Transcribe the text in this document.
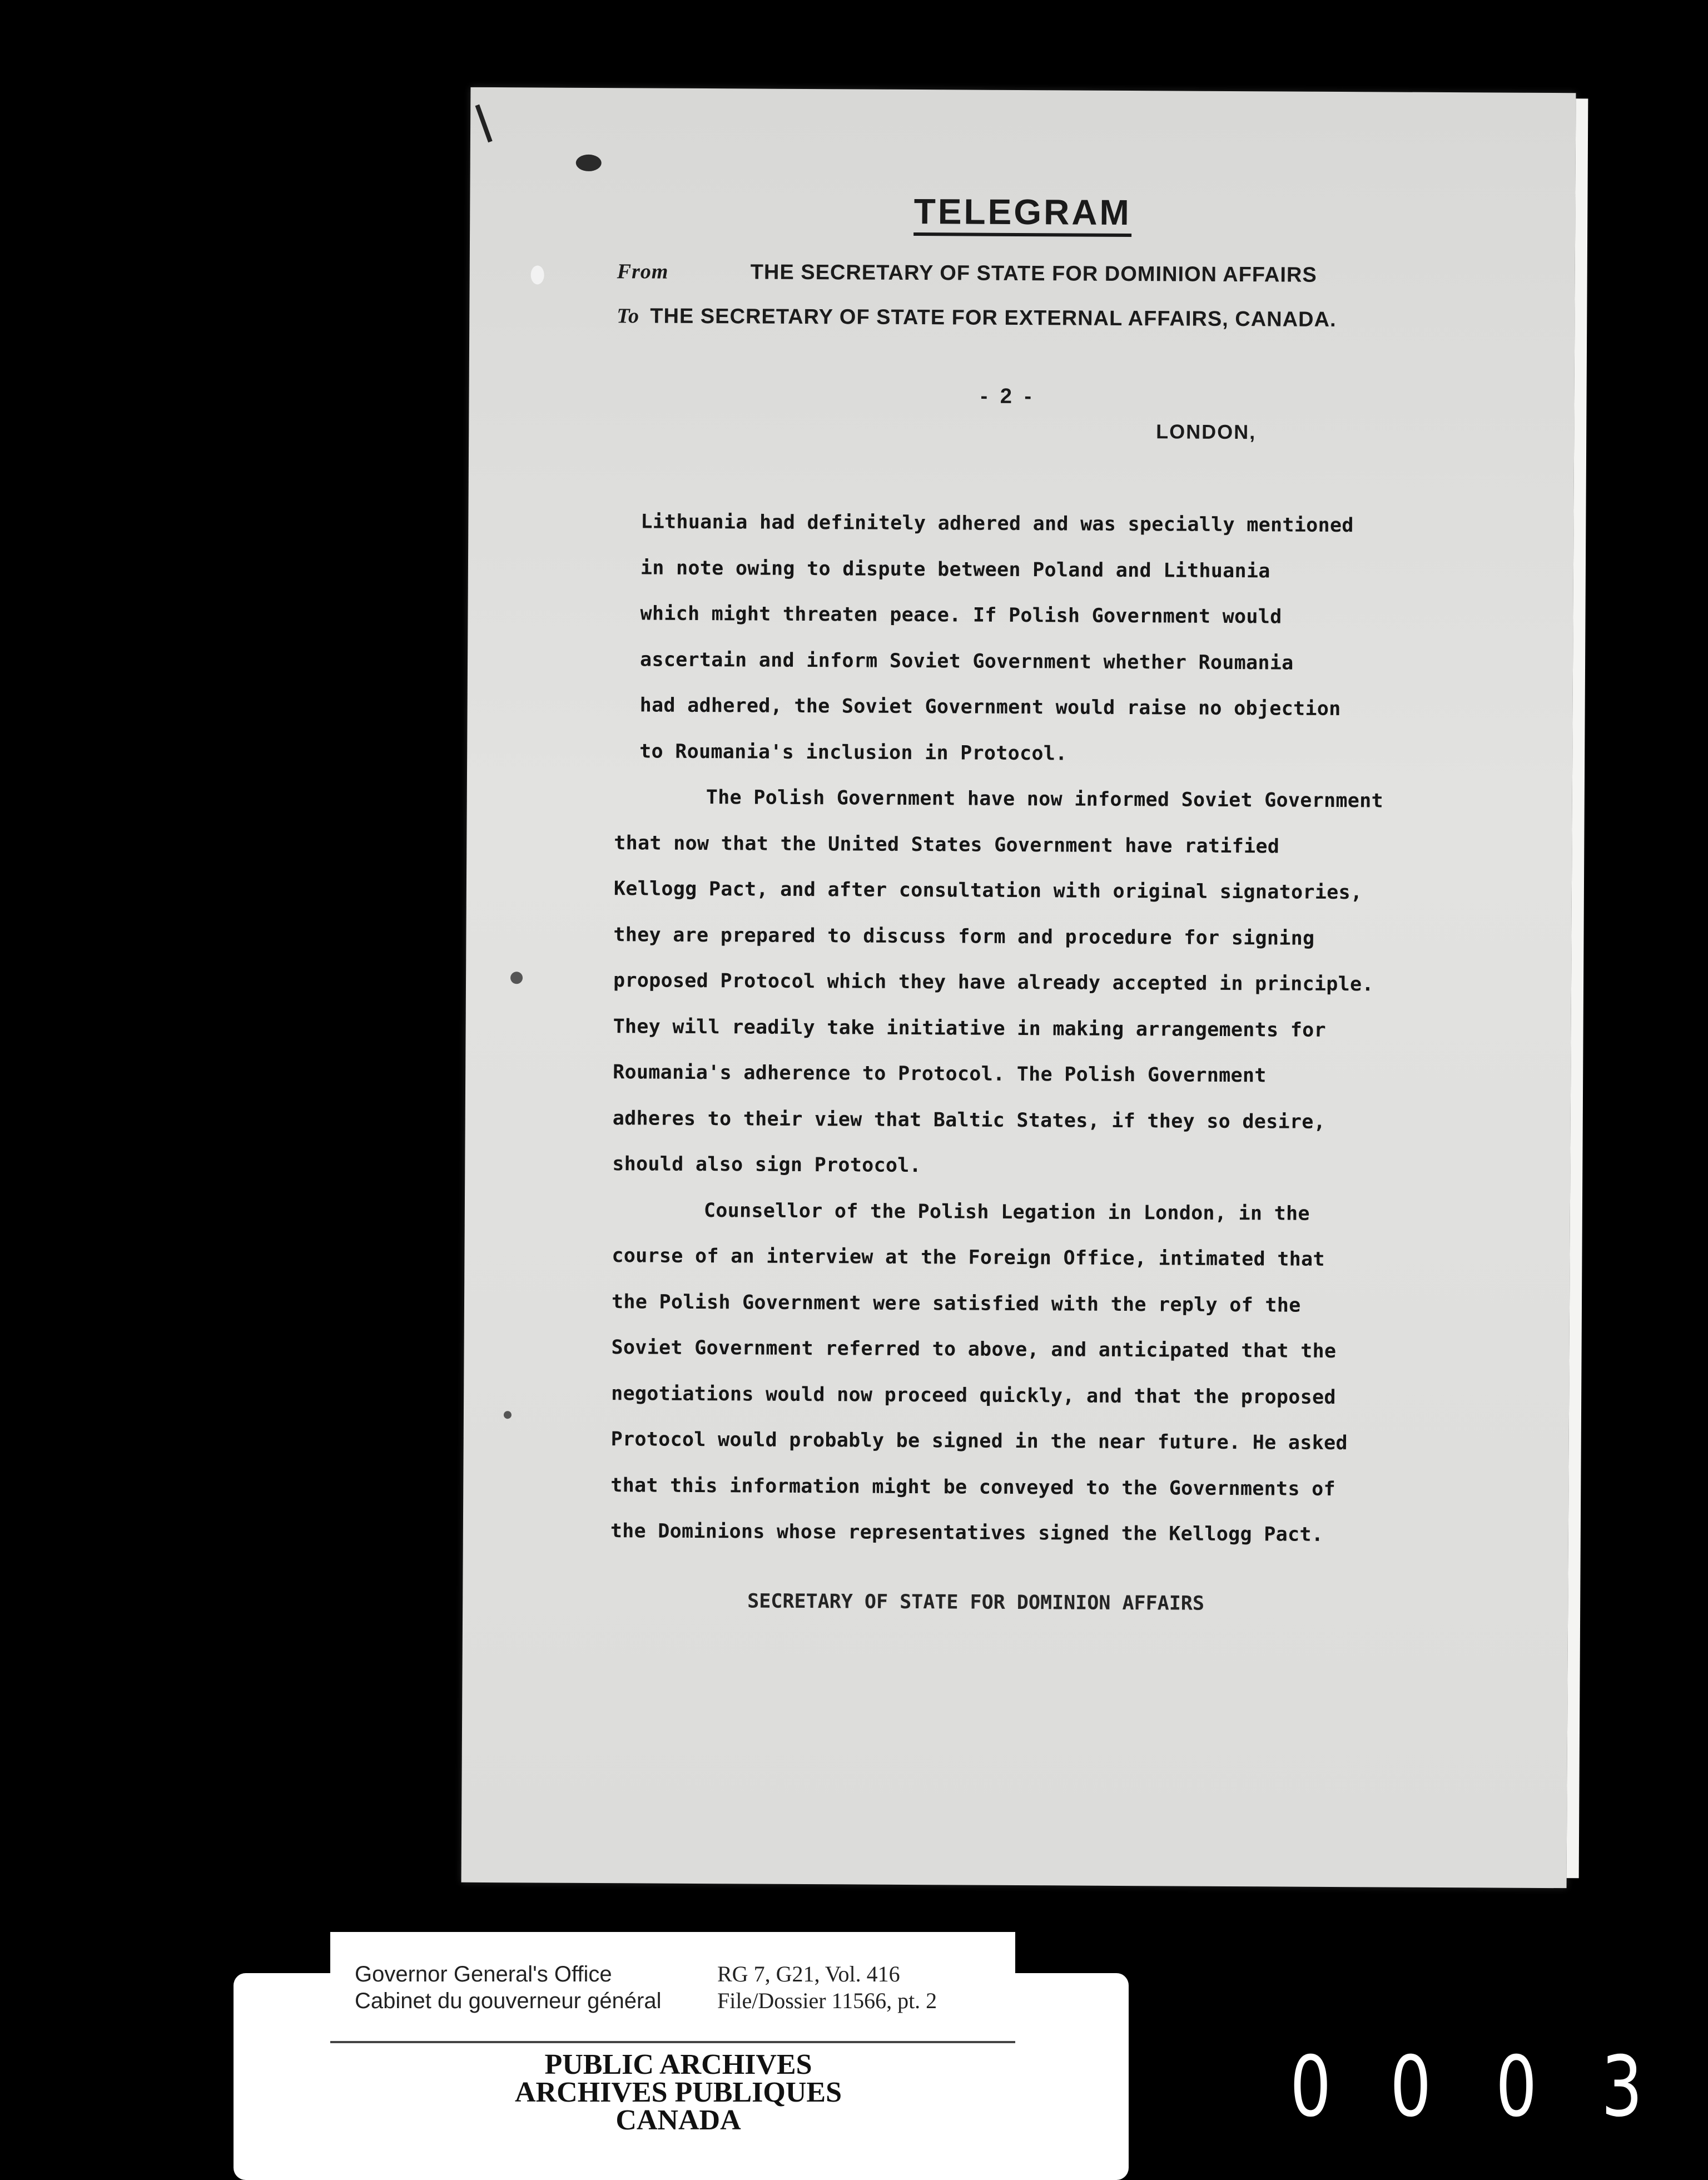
TELEGRAM
From	THE SECRETARY OF STATE FOR DOMINION AFFAIRS
To THE SECRETARY OF STATE FOR EXTERNAL AFFAIRS, CANADA.
- 2 -
LONDON,
Lithuania had definitely adhered and was specially mentioned
in note owing to dispute between Poland and Lithuania
which might threaten peace. If Polish Government would
ascertain and inform Soviet Government whether Roumania
had adhered, the Soviet Government would raise no objection
to Roumania's inclusion in Protocol.
The Polish Government have now informed Soviet Government
that now that the United States Government have ratified
Kellogg Pact, and after consultation with original signatories,
they are prepared to discuss form and procedure for signing
proposed Protocol which they have already accepted in principle.
They will readily take initiative in making arrangements for
Roumania's adherence to Protocol. The Polish Government
adheres to their view that Baltic States, if they so desire,
should also sign Protocol.
Counsellor of the Polish Legation in London, in the
course of an interview at the Foreign Office, intimated that
the Polish Government were satisfied with the reply of the
Soviet Government referred to above, and anticipated that the
negotiations would now proceed quickly, and that the proposed
Protocol would probably be signed in the near future. He asked
that this information might be conveyed to the Governments of
the Dominions whose representatives signed the Kellogg Pact.
SECRETARY OF STATE FOR DOMINION AFFAIRS
Governor General's Office
Cabinet du gouverneur général
RG 7, G21, Vol. 416
File/Dossier 11566, pt. 2
PUBLIC ARCHIVES
ARCHIVES PUBLIQUES
CANADA	0 0 0 3
